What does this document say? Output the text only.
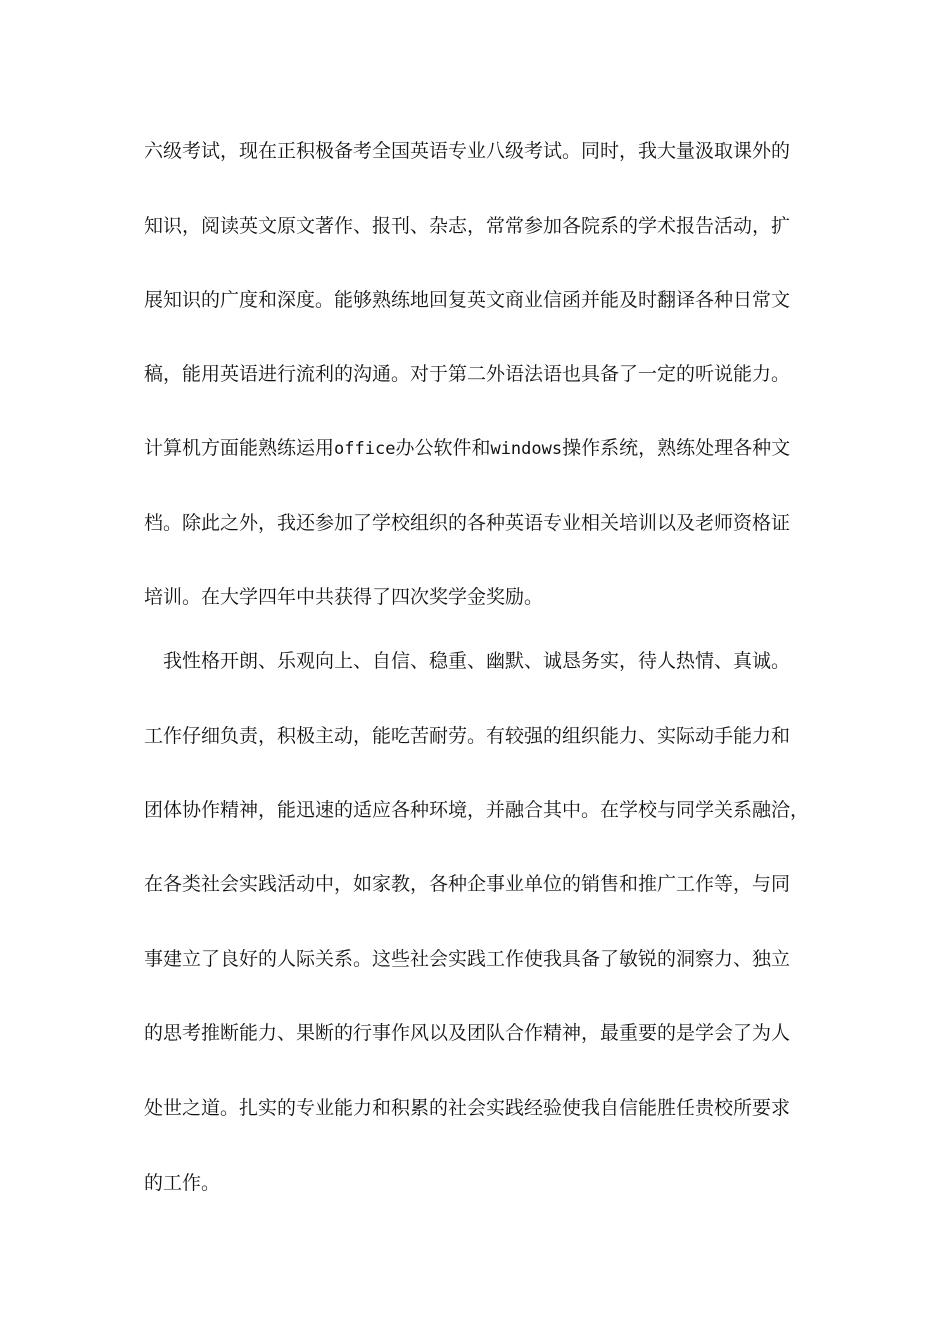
六级考试，现在正积极备考全国英语专业八级考试。同时，我大量汲取课外的
知识，阅读英文原文著作、报刊、杂志，常常参加各院系的学术报告活动，扩
展知识的广度和深度。能够熟练地回复英文商业信函并能及时翻译各种日常文
稿，能用英语进行流利的沟通。对于第二外语法语也具备了一定的听说能力。
计算机方面能熟练运用office办公软件和windows操作系统，熟练处理各种文
档。除此之外，我还参加了学校组织的各种英语专业相关培训以及老师资格证
培训。在大学四年中共获得了四次奖学金奖励。
我性格开朗、乐观向上、自信、稳重、幽默、诚恳务实，待人热情、真诚。
工作仔细负责，积极主动，能吃苦耐劳。有较强的组织能力、实际动手能力和
团体协作精神，能迅速的适应各种环境，并融合其中。在学校与同学关系融洽，
在各类社会实践活动中，如家教，各种企事业单位的销售和推广工作等，与同
事建立了良好的人际关系。这些社会实践工作使我具备了敏锐的洞察力、独立
的思考推断能力、果断的行事作风以及团队合作精神，最重要的是学会了为人
处世之道。扎实的专业能力和积累的社会实践经验使我自信能胜任贵校所要求
的工作。
